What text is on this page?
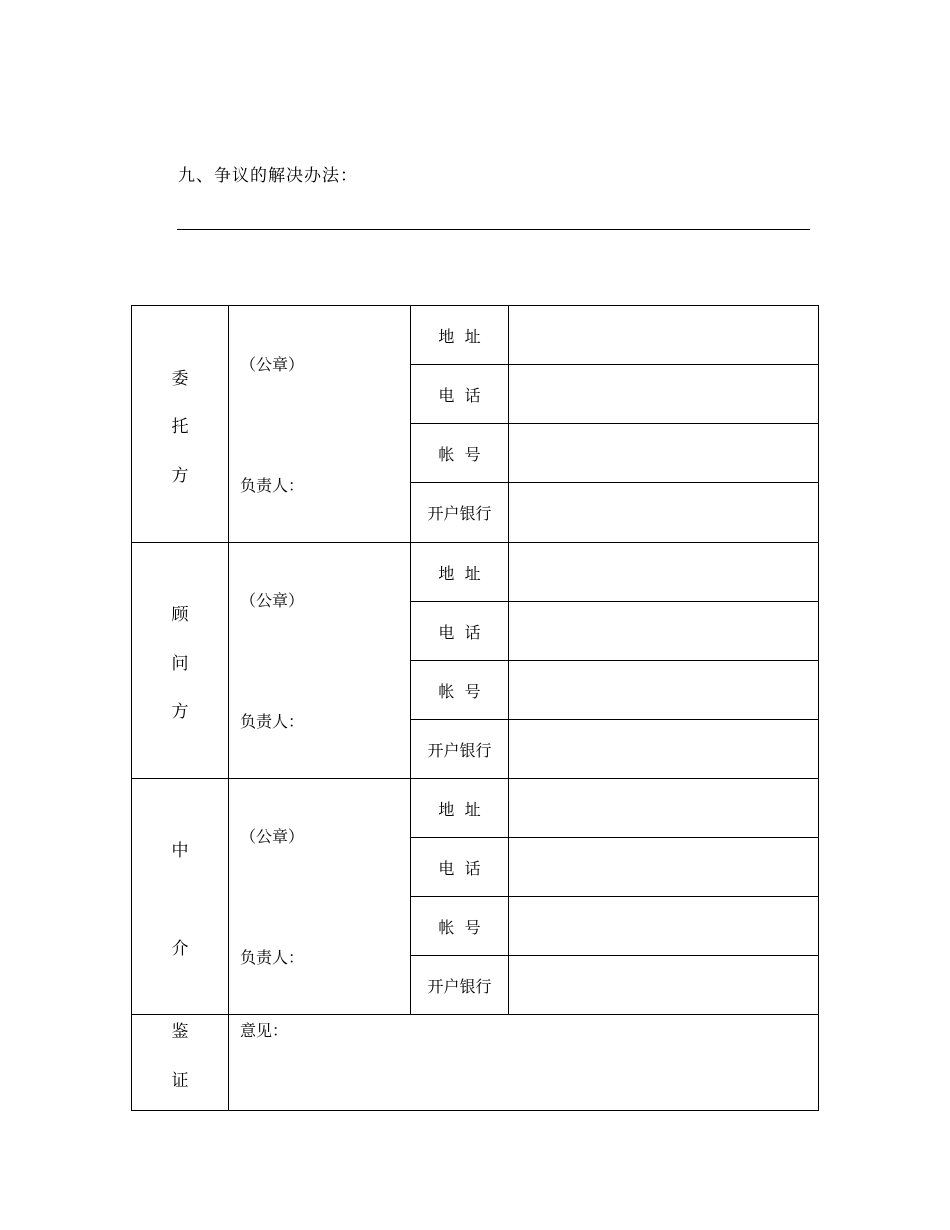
九、争议的解决办法：
委
托
方
（公章）
负责人：
地  址
电  话
帐  号
开户银行
顾
问
方
（公章）
负责人：
地  址
电  话
帐  号
开户银行
中
介
（公章）
负责人：
地  址
电  话
帐  号
开户银行
鉴
证
意见：
